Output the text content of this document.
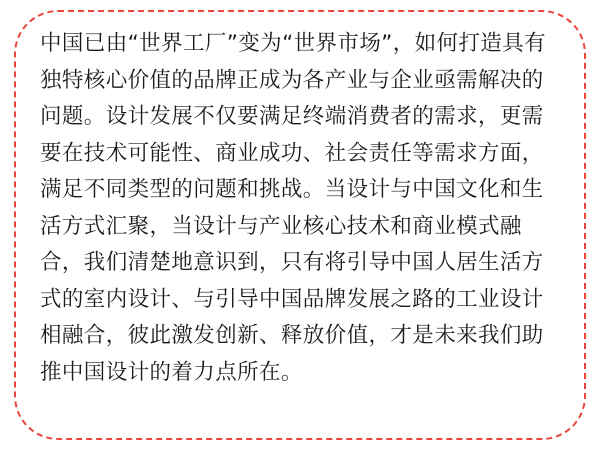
中国已由“世界工厂”变为“世界市场”，如何打造具有独特核心价值的品牌正成为各产业与企业亟需解决的问题。设计发展不仅要满足终端消费者的需求，更需要在技术可能性、商业成功、社会责任等需求方面，满足不同类型的问题和挑战。当设计与中国文化和生活方式汇聚，当设计与产业核心技术和商业模式融合，我们清楚地意识到，只有将引导中国人居生活方式的室内设计、与引导中国品牌发展之路的工业设计相融合，彼此激发创新、释放价值，才是未来我们助推中国设计的着力点所在。
